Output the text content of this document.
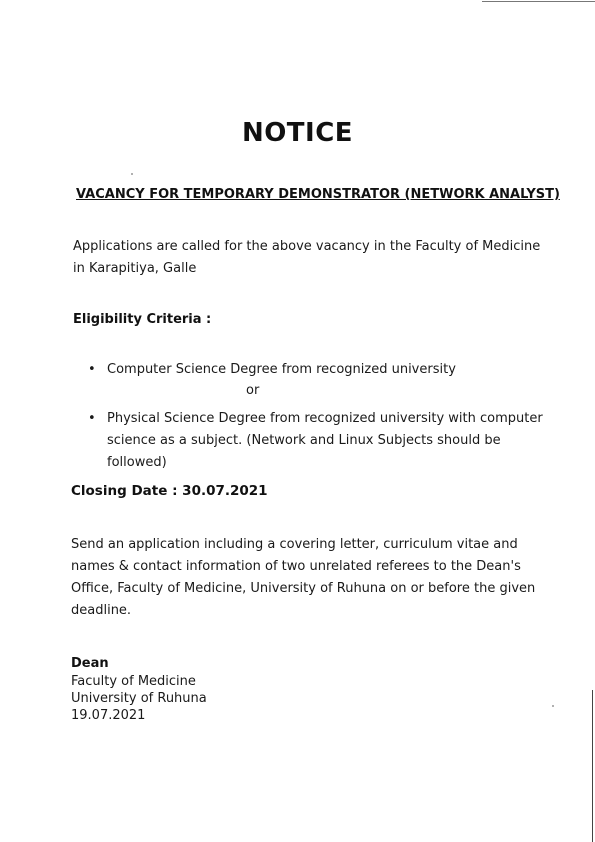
NOTICE
VACANCY FOR TEMPORARY DEMONSTRATOR (NETWORK ANALYST)
Applications are called for the above vacancy in the Faculty of Medicine in Karapitiya, Galle
Eligibility Criteria :
• Computer Science Degree from recognized university
or
• Physical Science Degree from recognized university with computer science as a subject. (Network and Linux Subjects should be followed)
Closing Date : 30.07.2021
Send an application including a covering letter, curriculum vitae and names & contact information of two unrelated referees to the Dean's Office, Faculty of Medicine, University of Ruhuna on or before the given deadline.
Dean
Faculty of Medicine
University of Ruhuna
19.07.2021
